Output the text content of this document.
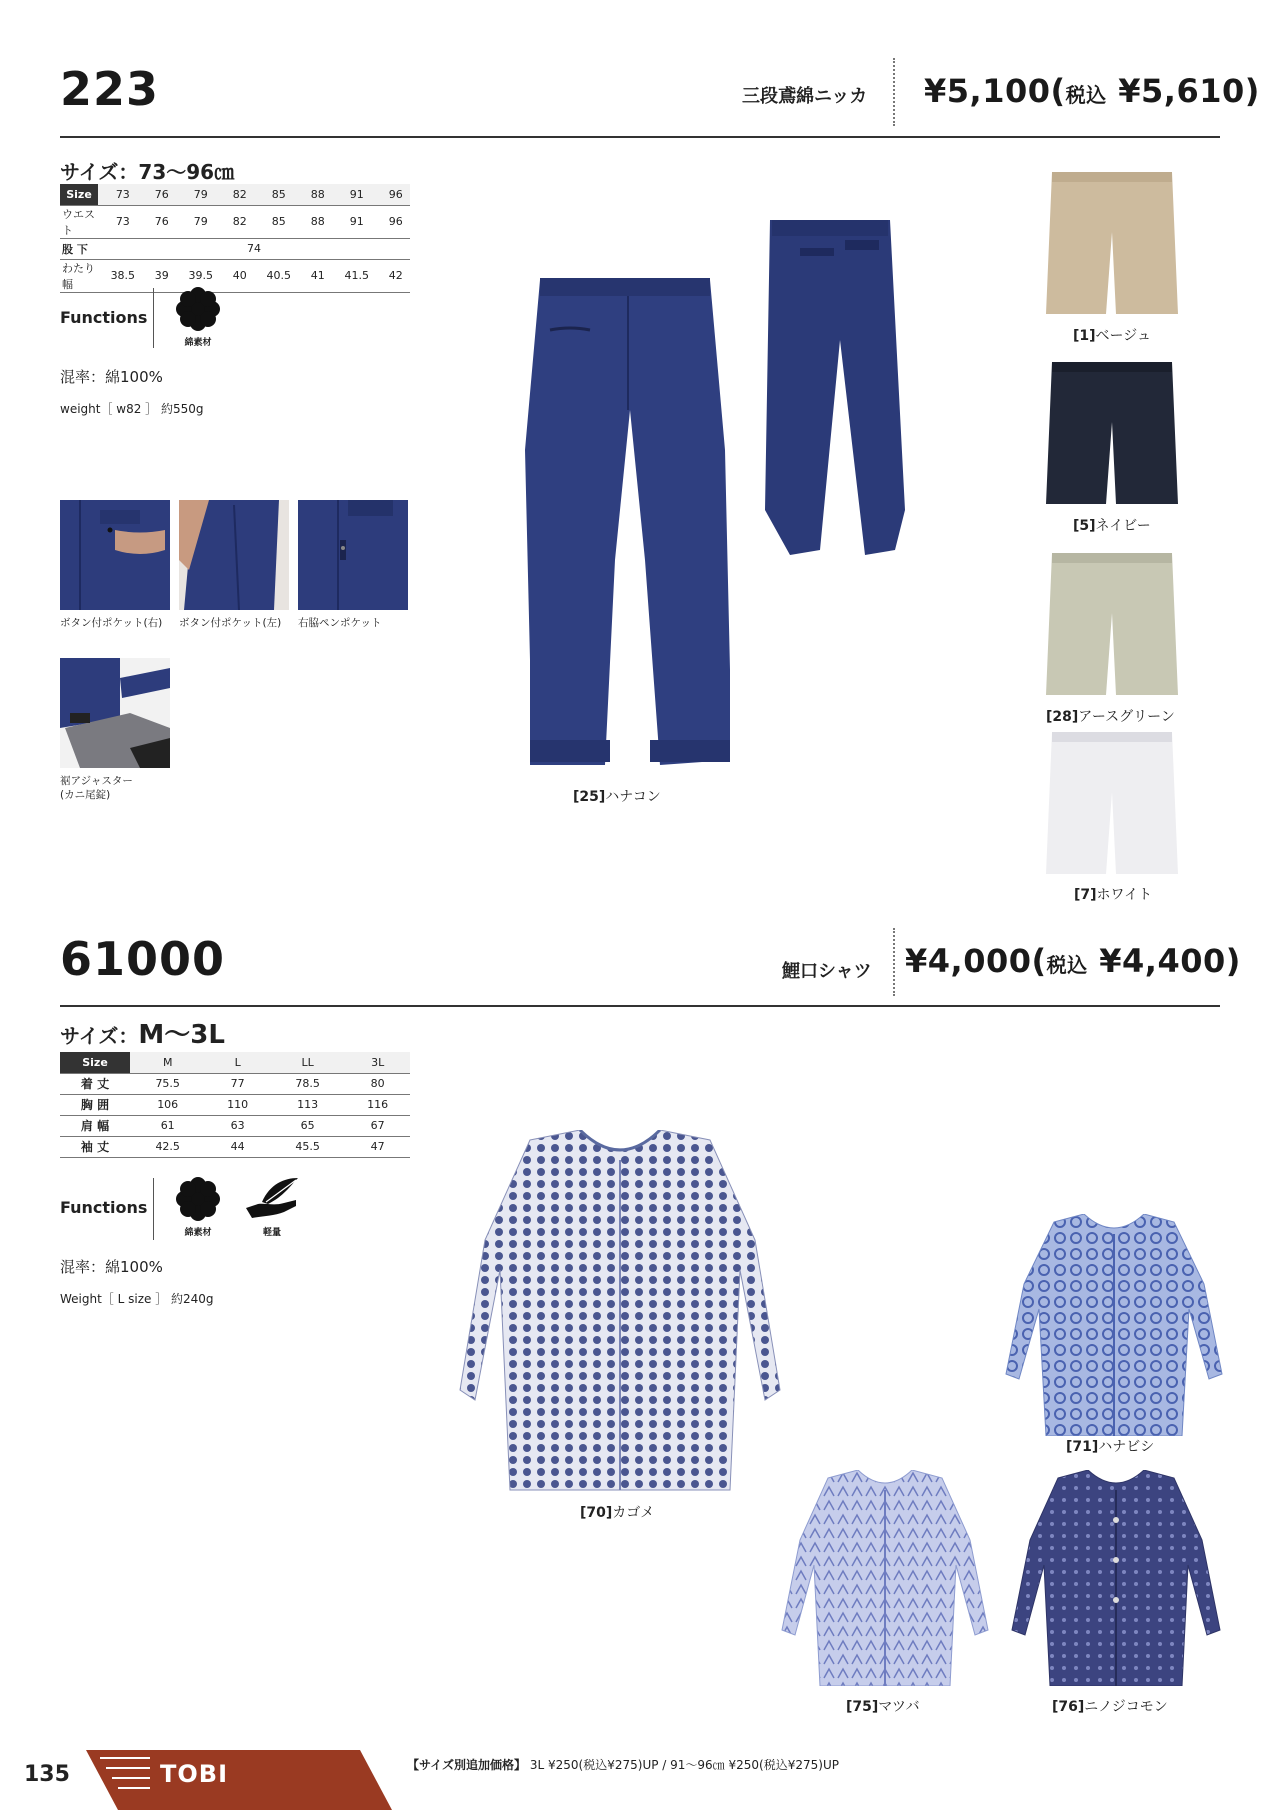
223	三段鳶綿ニッカ ¥5,100(税込 ¥5,610)
サイズ：73〜96㎝
Size	73	76	79	82	85	88	91	96
ウエスト	73	76	79	82	85	88	91	96
股 下	74							
わたり幅	38.5	39	39.5	40	40.5	41	41.5	42
Functions
綿素材
混率：綿100%
weight［ w82 ］ 約550g
ボタン付ポケット(右) ボタン付ポケット(左) 右脇ペンポケット
裾アジャスター
(カニ尾錠)	[25]ハナコン
[1]ベージュ
[5]ネイビー
[28]アースグリーン
[7]ホワイト
61000	鯉口シャツ ¥4,000(税込 ¥4,400)
サイズ：M〜3L
Size	M	L	LL	3L
着 丈	75.5	77	78.5	80
胸 囲	106	110	113	116
肩 幅	61	63	65	67
袖 丈	42.5	44	45.5	47
Functions
綿素材	軽量
混率：綿100%
Weight［ L size ］ 約240g
[70]カゴメ
[71]ハナビシ
[75]マツバ	[76]ニノジコモン
135	TOBI	【サイズ別追加価格】 3L ¥250(税込¥275)UP / 91〜96㎝ ¥250(税込¥275)UP
